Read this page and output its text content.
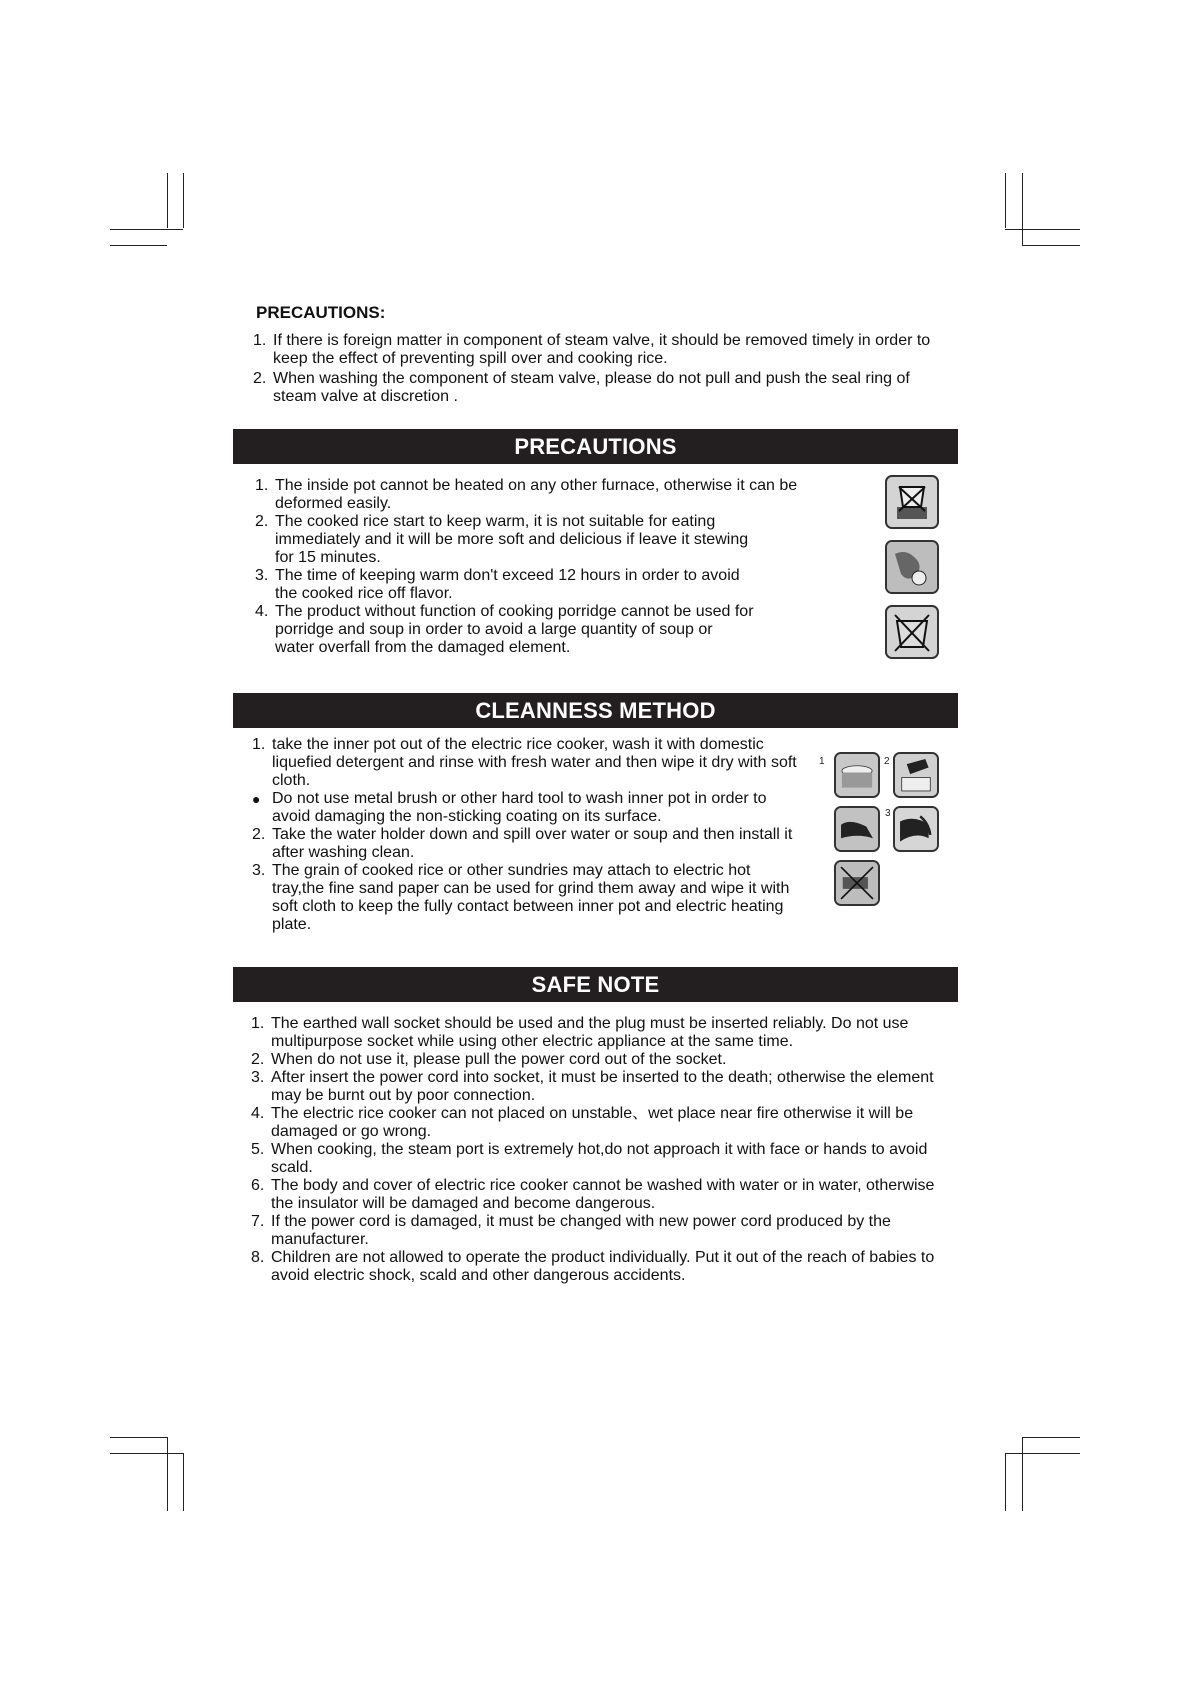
PRECAUTIONS:
1. If there is foreign matter in component of steam valve, it should be removed timely in order to keep the effect of preventing spill over and cooking rice.
2. When washing the component of steam valve, please do not pull and push the seal ring of steam valve at discretion .
PRECAUTIONS
1. The inside pot cannot be heated on any other furnace, otherwise it can be deformed easily.
2. The cooked rice start to keep warm, it is not suitable for eating immediately and it will be more soft and delicious if leave it stewing for 15 minutes.
3. The time of keeping warm don't exceed 12 hours in order to avoid the cooked rice off flavor.
4. The product without function of cooking porridge cannot be used for porridge and soup in order to avoid a large quantity of soup or water overfall from the damaged element.
CLEANNESS METHOD
1. take the inner pot out of the electric rice cooker, wash it with domestic liquefied detergent and rinse with fresh water and then wipe it dry with soft cloth.
● Do not use metal brush or other hard tool to wash inner pot in order to avoid damaging the non-sticking coating on its surface.
2. Take the water holder down and spill over water or soup and then install it after washing clean.
3. The grain of cooked rice or other sundries may attach to electric hot tray,the fine sand paper can be used for grind them away and wipe it with soft cloth to keep the fully contact between inner pot and electric heating plate.
1	2
3
SAFE NOTE
1. The earthed wall socket should be used and the plug must be inserted reliably. Do not use multipurpose socket while using other electric appliance at the same time.
2. When do not use it, please pull the power cord out of the socket.
3. After insert the power cord into socket, it must be inserted to the death; otherwise the element may be burnt out by poor connection.
4. The electric rice cooker can not placed on unstable、wet place near fire otherwise it will be damaged or go wrong.
5. When cooking, the steam port is extremely hot,do not approach it with face or hands to avoid scald.
6. The body and cover of electric rice cooker cannot be washed with water or in water, otherwise the insulator will be damaged and become dangerous.
7. If the power cord is damaged, it must be changed with new power cord produced by the manufacturer.
8. Children are not allowed to operate the product individually. Put it out of the reach of babies to avoid electric shock, scald and other dangerous accidents.
